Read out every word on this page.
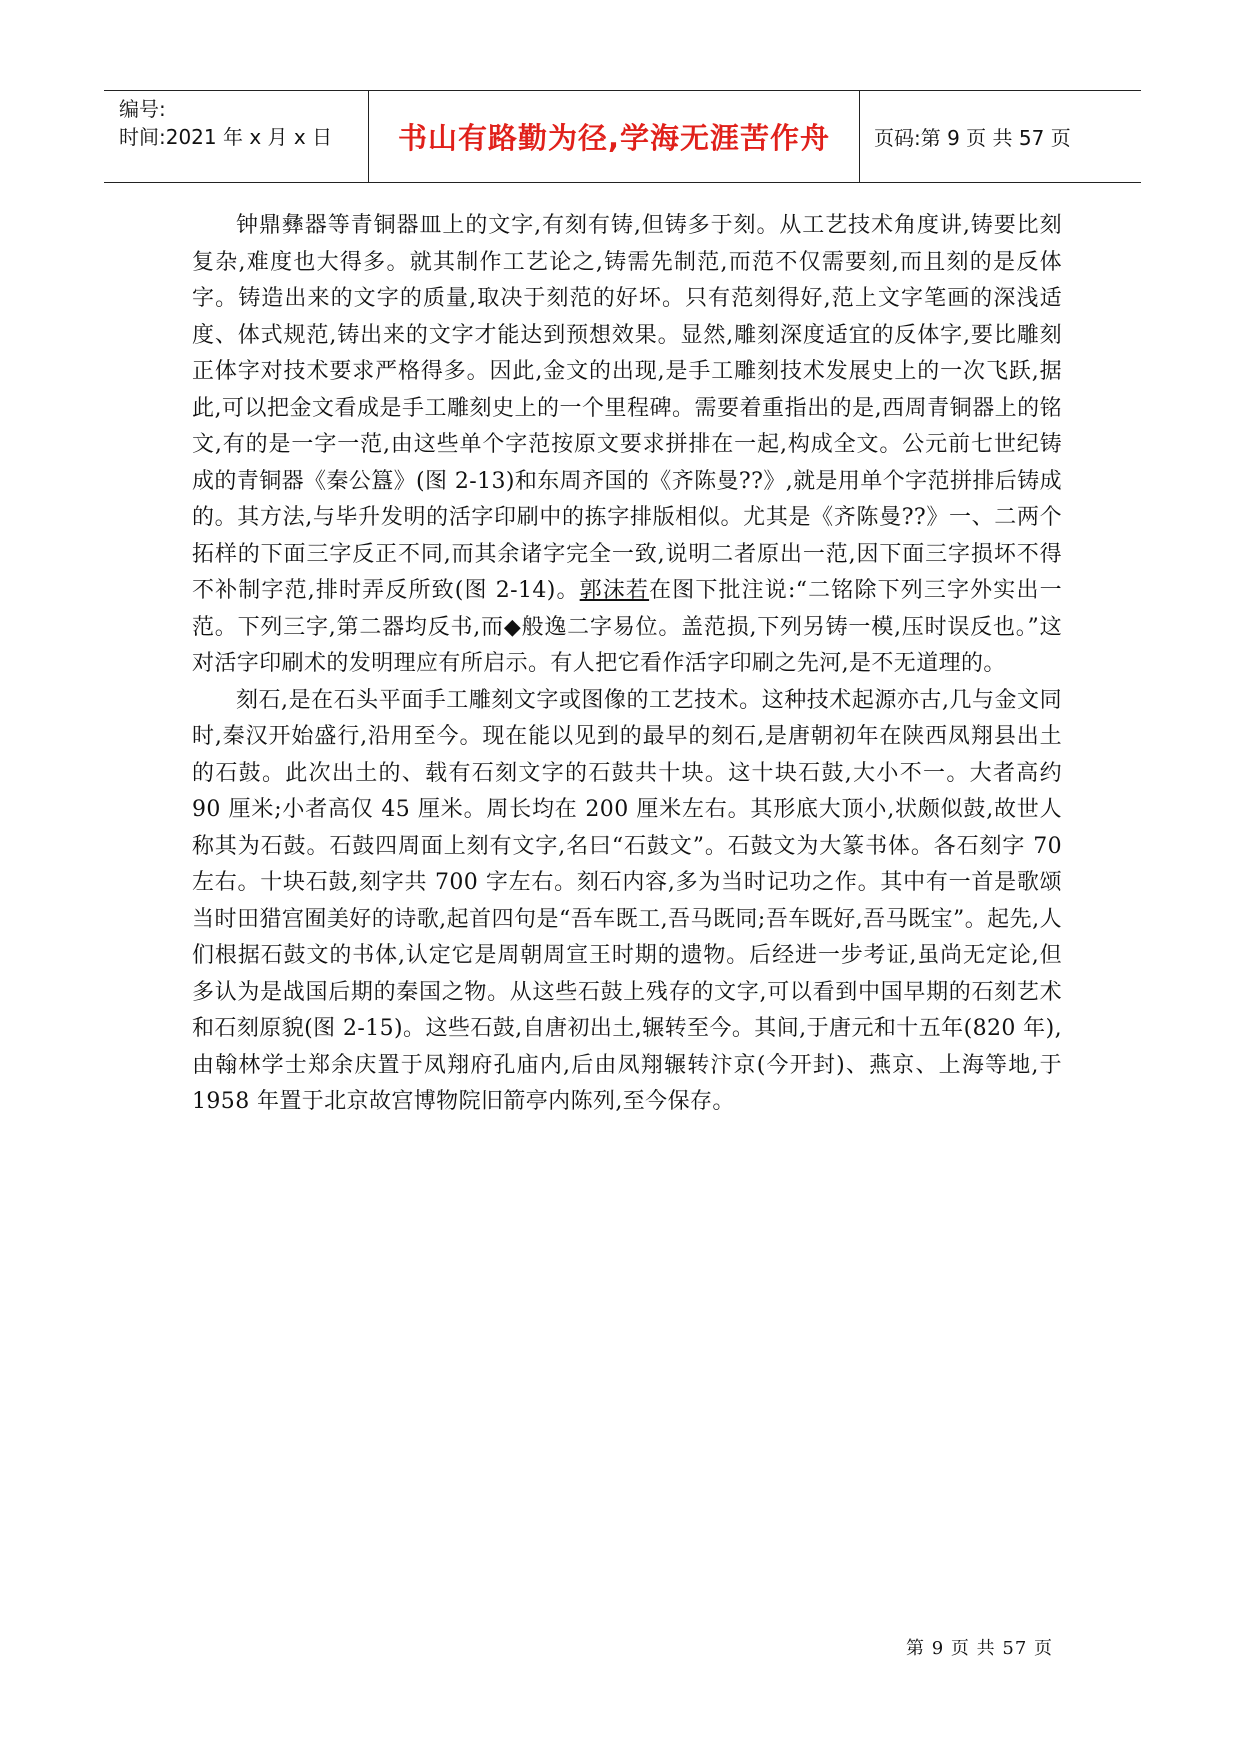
编号:
时间:2021 年 x 月 x 日	书山有路勤为径,学海无涯苦作舟	页码:第 9 页 共 57 页

钟鼎彝器等青铜器皿上的文字,有刻有铸,但铸多于刻。从工艺技术角度讲,铸要比刻复杂,难度也大得多。就其制作工艺论之,铸需先制范,而范不仅需要刻,而且刻的是反体字。铸造出来的文字的质量,取决于刻范的好坏。只有范刻得好,范上文字笔画的深浅适度、体式规范,铸出来的文字才能达到预想效果。显然,雕刻深度适宜的反体字,要比雕刻正体字对技术要求严格得多。因此,金文的出现,是手工雕刻技术发展史上的一次飞跃,据此,可以把金文看成是手工雕刻史上的一个里程碑。需要着重指出的是,西周青铜器上的铭文,有的是一字一范,由这些单个字范按原文要求拼排在一起,构成全文。公元前七世纪铸成的青铜器《秦公簋》(图 2-13)和东周齐国的《齐陈曼??》,就是用单个字范拼排后铸成的。其方法,与毕升发明的活字印刷中的拣字排版相似。尤其是《齐陈曼??》一、二两个拓样的下面三字反正不同,而其余诸字完全一致,说明二者原出一范,因下面三字损坏不得不补制字范,排时弄反所致(图 2-14)。郭沫若在图下批注说:“二铭除下列三字外实出一范。下列三字,第二器均反书,而◆般逸二字易位。盖范损,下列另铸一模,压时误反也。”这对活字印刷术的发明理应有所启示。有人把它看作活字印刷之先河,是不无道理的。

刻石,是在石头平面手工雕刻文字或图像的工艺技术。这种技术起源亦古,几与金文同时,秦汉开始盛行,沿用至今。现在能以见到的最早的刻石,是唐朝初年在陕西凤翔县出土的石鼓。此次出土的、载有石刻文字的石鼓共十块。这十块石鼓,大小不一。大者高约 90 厘米;小者高仅 45 厘米。周长均在 200 厘米左右。其形底大顶小,状颇似鼓,故世人称其为石鼓。石鼓四周面上刻有文字,名曰“石鼓文”。石鼓文为大篆书体。各石刻字 70 左右。十块石鼓,刻字共 700 字左右。刻石内容,多为当时记功之作。其中有一首是歌颂当时田猎宫囿美好的诗歌,起首四句是“吾车既工,吾马既同;吾车既好,吾马既宝”。起先,人们根据石鼓文的书体,认定它是周朝周宣王时期的遗物。后经进一步考证,虽尚无定论,但多认为是战国后期的秦国之物。从这些石鼓上残存的文字,可以看到中国早期的石刻艺术和石刻原貌(图 2-15)。这些石鼓,自唐初出土,辗转至今。其间,于唐元和十五年(820 年),由翰林学士郑余庆置于凤翔府孔庙内,后由凤翔辗转汴京(今开封)、燕京、上海等地,于 1958 年置于北京故宫博物院旧箭亭内陈列,至今保存。

第 9 页 共 57 页
